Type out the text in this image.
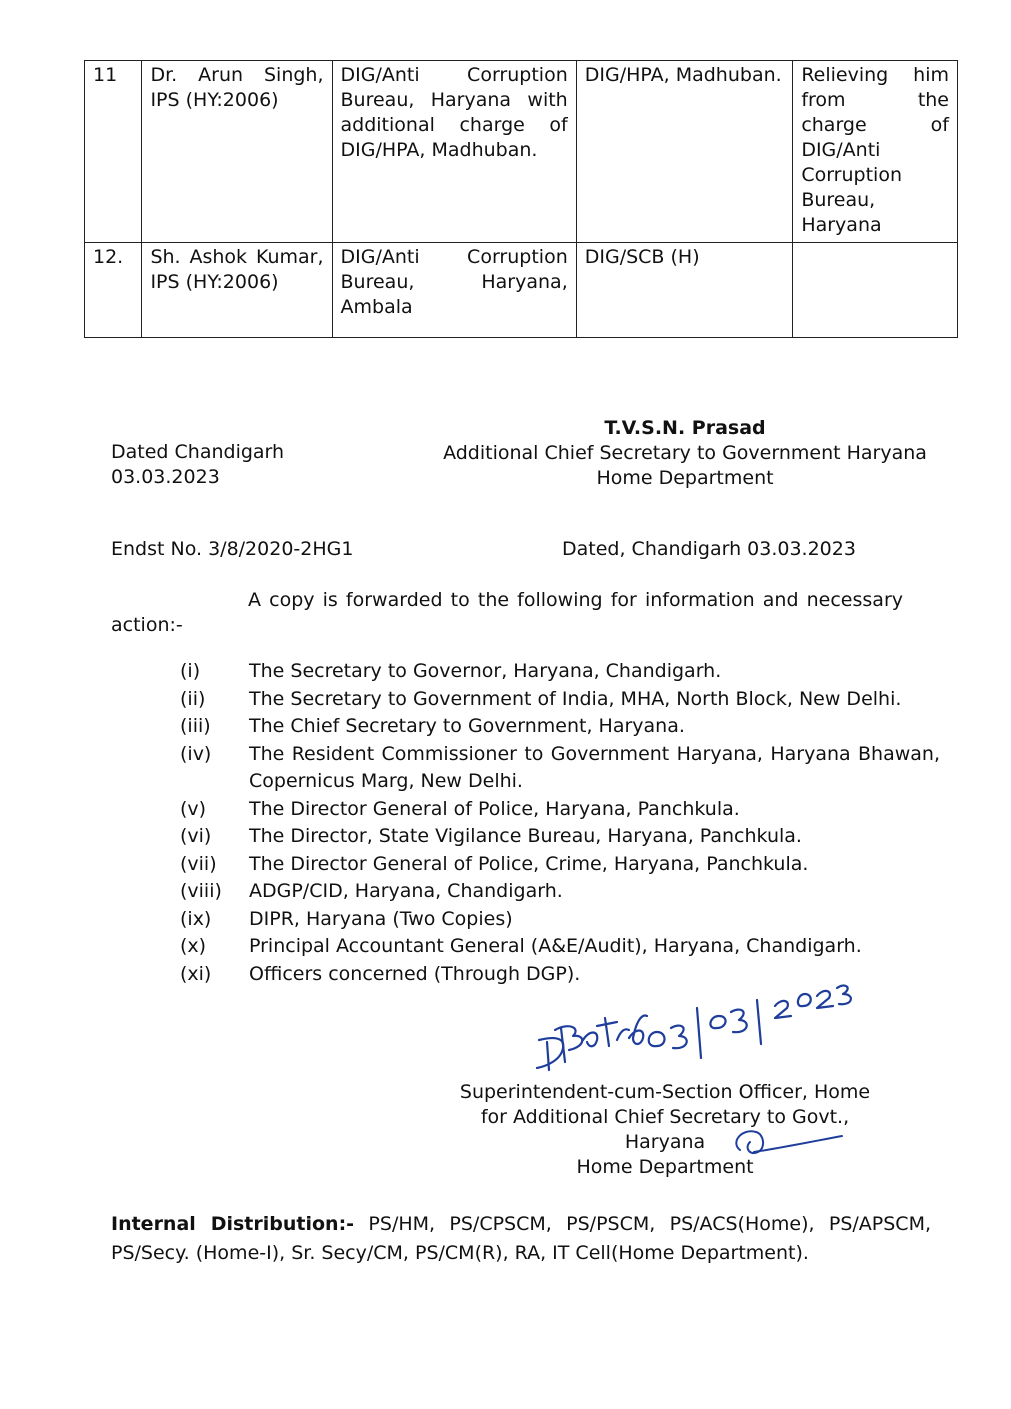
11	Dr. Arun Singh, IPS (HY:2006)	DIG/Anti Corruption Bureau, Haryana with additional charge of DIG/HPA, Madhuban.	DIG/HPA, Madhuban.	Relieving him from the charge of DIG/Anti Corruption Bureau, Haryana
12.	Sh. Ashok Kumar, IPS (HY:2006)	DIG/Anti Corruption Bureau, Haryana, Ambala	DIG/SCB (H)	
T.V.S.N. Prasad
Additional Chief Secretary to Government Haryana
Home Department
Dated Chandigarh
03.03.2023
Endst No. 3/8/2020-2HG1	Dated, Chandigarh 03.03.2023
A copy is forwarded to the following for information and necessary action:-
(i)	The Secretary to Governor, Haryana, Chandigarh.
(ii)	The Secretary to Government of India, MHA, North Block, New Delhi.
(iii)	The Chief Secretary to Government, Haryana.
(iv)	The Resident Commissioner to Government Haryana, Haryana Bhawan, Copernicus Marg, New Delhi.
(v)	The Director General of Police, Haryana, Panchkula.
(vi)	The Director, State Vigilance Bureau, Haryana, Panchkula.
(vii)	The Director General of Police, Crime, Haryana, Panchkula.
(viii)	ADGP/CID, Haryana, Chandigarh.
(ix)	DIPR, Haryana (Two Copies)
(x)	Principal Accountant General (A&E/Audit), Haryana, Chandigarh.
(xi)	Officers concerned (Through DGP).
Superintendent-cum-Section Officer, Home
for Additional Chief Secretary to Govt., Haryana
Home Department
Internal Distribution:- PS/HM, PS/CPSCM, PS/PSCM, PS/ACS(Home), PS/APSCM, PS/Secy. (Home-I), Sr. Secy/CM, PS/CM(R), RA, IT Cell(Home Department).
